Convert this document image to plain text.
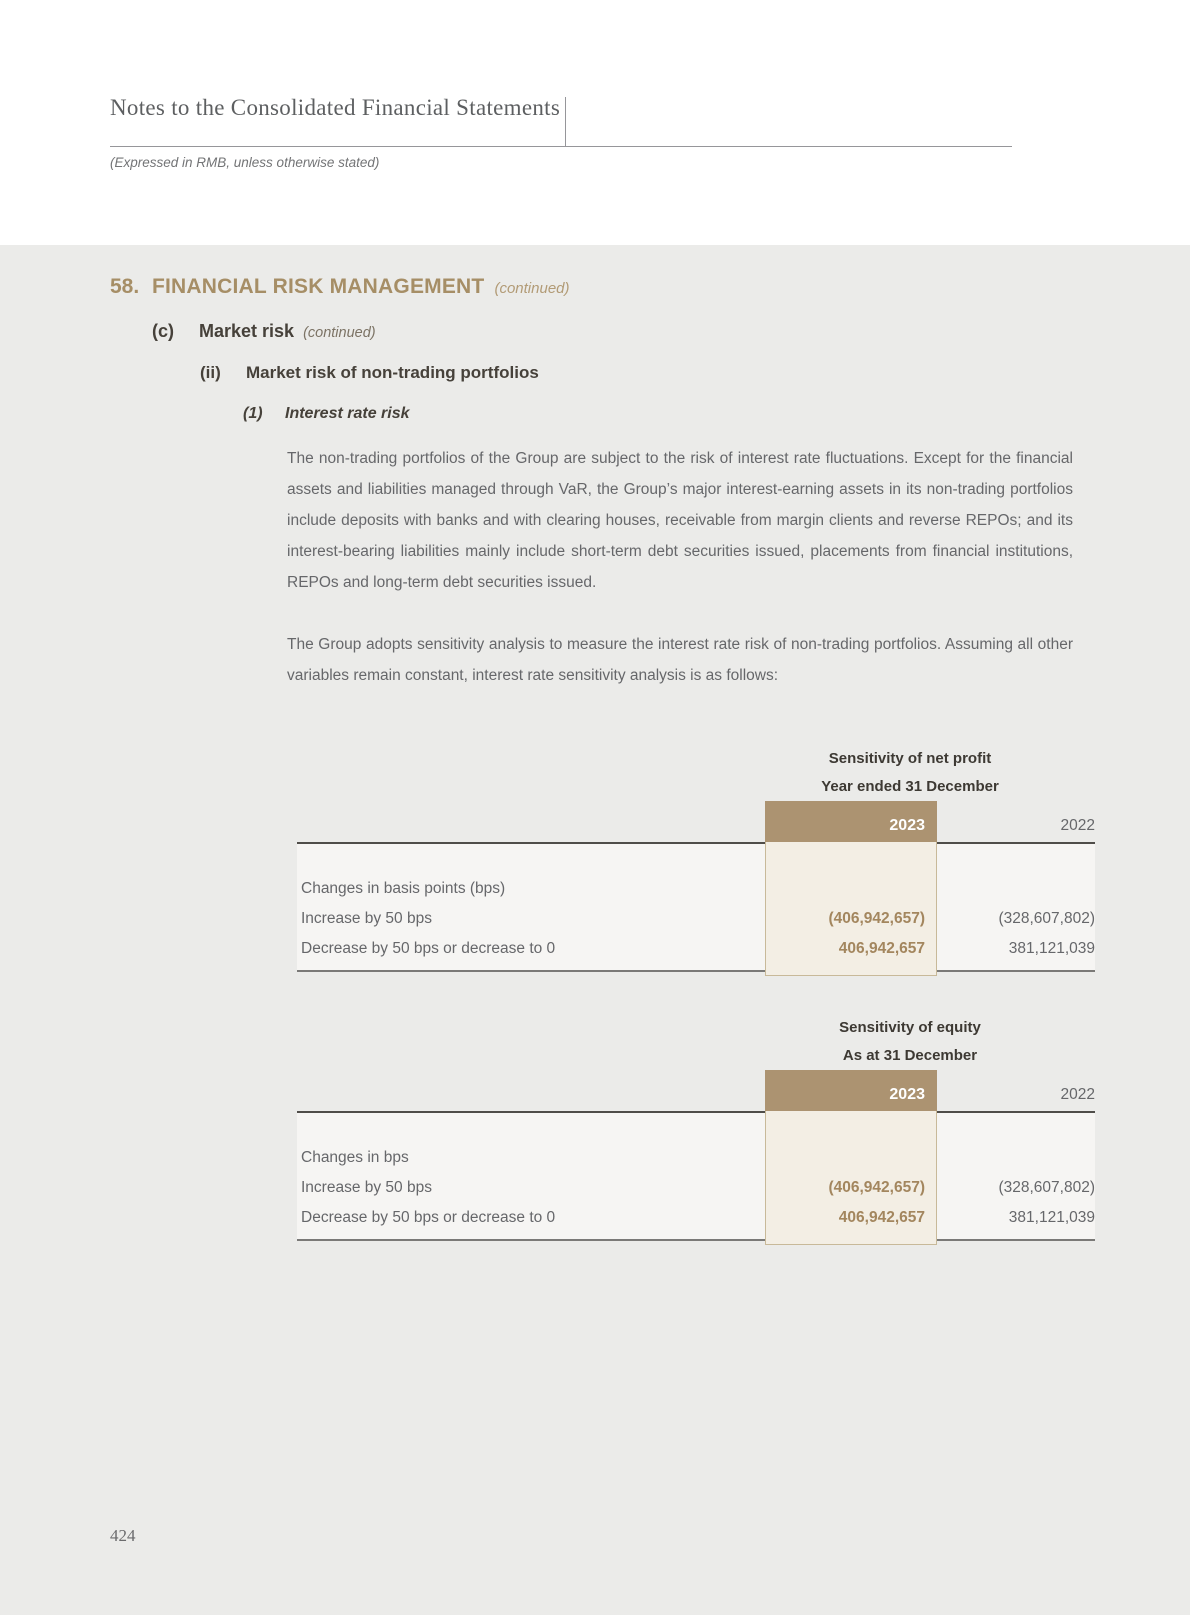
Notes to the Consolidated Financial Statements
(Expressed in RMB, unless otherwise stated)
58. FINANCIAL RISK MANAGEMENT (continued)
(c)	Market risk (continued)
(ii)	Market risk of non-trading portfolios
(1)	Interest rate risk

The non-trading portfolios of the Group are subject to the risk of interest rate fluctuations. Except for the financial assets and liabilities managed through VaR, the Group’s major interest-earning assets in its non-trading portfolios include deposits with banks and with clearing houses, receivable from margin clients and reverse REPOs; and its interest-bearing liabilities mainly include short-term debt securities issued, placements from financial institutions, REPOs and long-term debt securities issued.

The Group adopts sensitivity analysis to measure the interest rate risk of non-trading portfolios. Assuming all other variables remain constant, interest rate sensitivity analysis is as follows:

Sensitivity of net profit
Year ended 31 December
2023	2022
Changes in basis points (bps)
Increase by 50 bps	(406,942,657)	(328,607,802)
Decrease by 50 bps or decrease to 0	406,942,657	381,121,039
Sensitivity of equity
As at 31 December
2023	2022
Changes in bps
Increase by 50 bps	(406,942,657)	(328,607,802)
Decrease by 50 bps or decrease to 0	406,942,657	381,121,039
424
